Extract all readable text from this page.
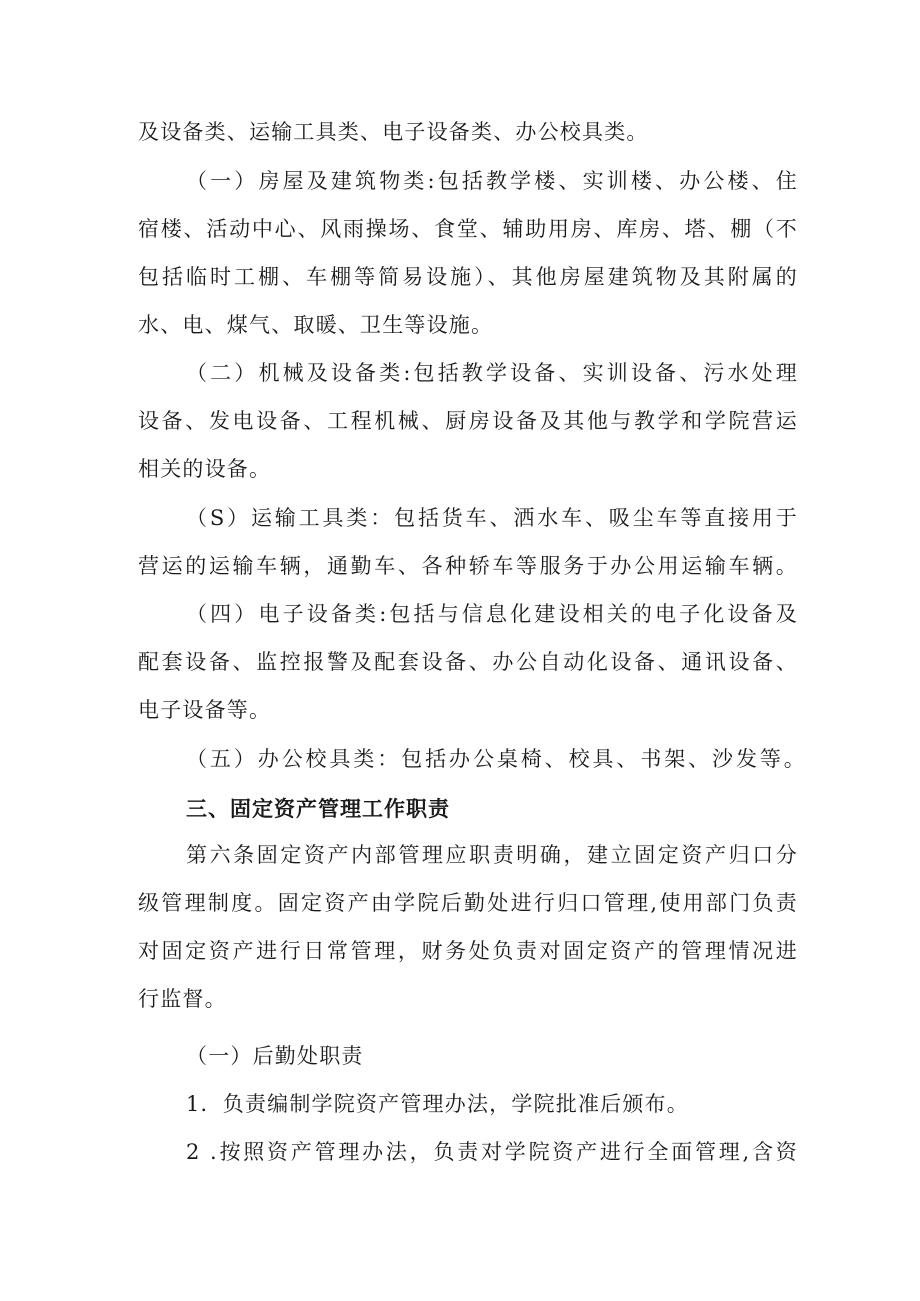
及设备类、运输工具类、电子设备类、办公校具类。
（一）房屋及建筑物类:包括教学楼、实训楼、办公楼、住
宿楼、活动中心、风雨操场、食堂、辅助用房、库房、塔、棚（不
包括临时工棚、车棚等简易设施）、其他房屋建筑物及其附属的
水、电、煤气、取暖、卫生等设施。
（二）机械及设备类:包括教学设备、实训设备、污水处理
设备、发电设备、工程机械、厨房设备及其他与教学和学院营运
相关的设备。
（S）运输工具类：包括货车、洒水车、吸尘车等直接用于
营运的运输车辆，通勤车、各种轿车等服务于办公用运输车辆。
（四）电子设备类:包括与信息化建设相关的电子化设备及
配套设备、监控报警及配套设备、办公自动化设备、通讯设备、
电子设备等。
（五）办公校具类：包括办公桌椅、校具、书架、沙发等。
三、固定资产管理工作职责
第六条固定资产内部管理应职责明确，建立固定资产归口分
级管理制度。固定资产由学院后勤处进行归口管理,使用部门负责
对固定资产进行日常管理，财务处负责对固定资产的管理情况进
行监督。
（一）后勤处职责
1．负责编制学院资产管理办法，学院批准后颁布。
2 .按照资产管理办法，负责对学院资产进行全面管理,含资
